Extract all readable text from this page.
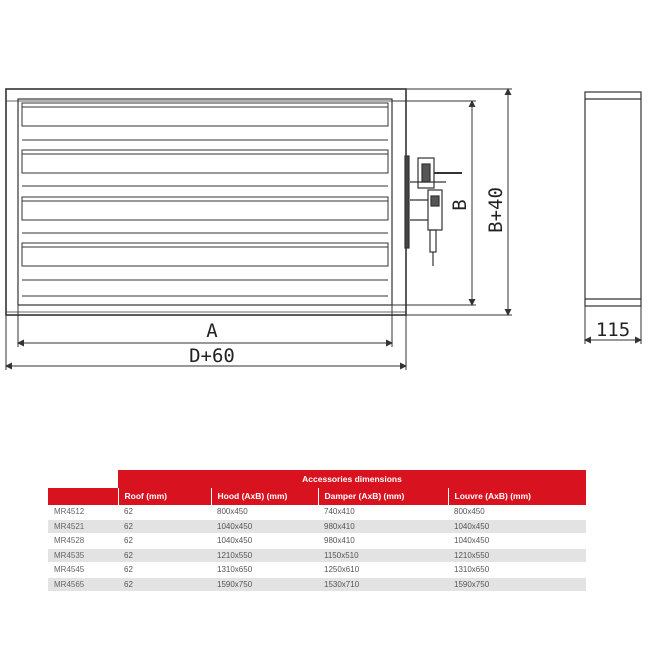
A
D+60
B B+40
115
	Accessories dimensions			
	Roof (mm)	Hood (AxB) (mm)	Damper (AxB) (mm)	Louvre (AxB) (mm)
MR4512	62	800x450	740x410	800x450
MR4521	62	1040x450	980x410	1040x450
MR4528	62	1040x450	980x410	1040x450
MR4535	62	1210x550	1150x510	1210x550
MR4545	62	1310x650	1250x610	1310x650
MR4565	62	1590x750	1530x710	1590x750
